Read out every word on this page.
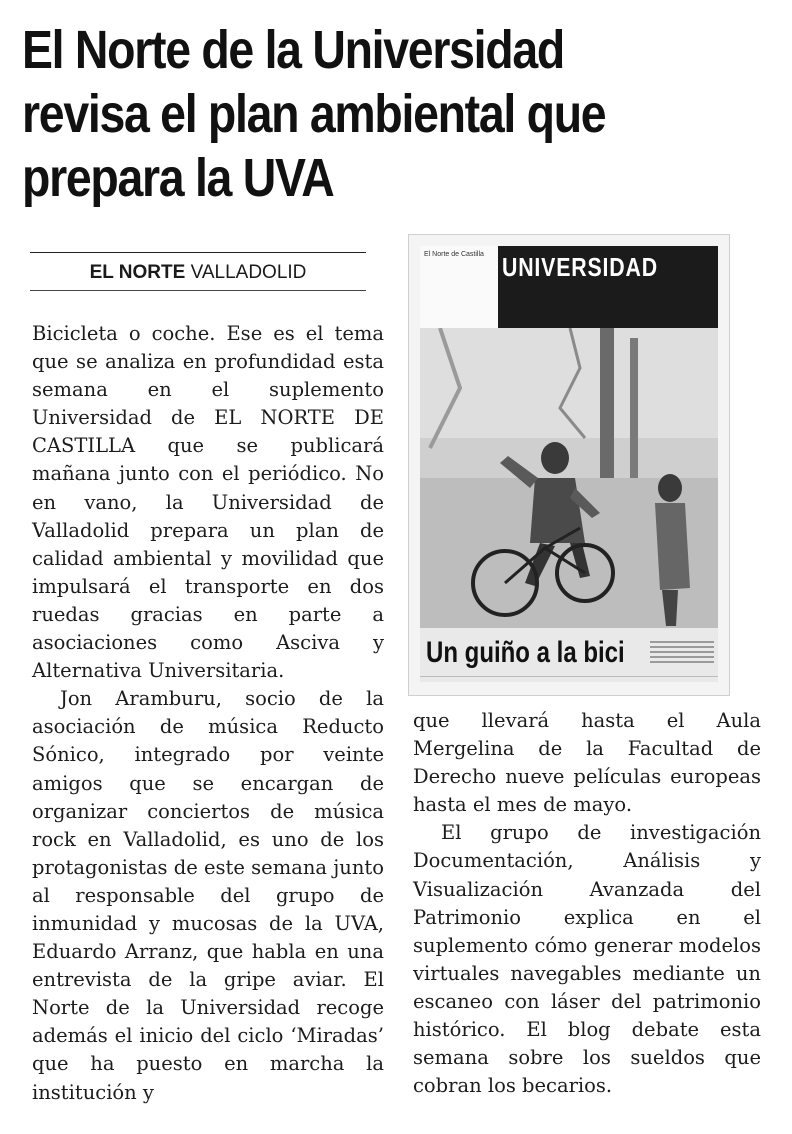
El Norte de la Universidad revisa el plan ambiental que prepara la UVA
EL NORTE VALLADOLID

Bicicleta o coche. Ese es el tema que se analiza en profundidad esta semana en el suplemento Universidad de EL NORTE DE CASTILLA que se publicará mañana junto con el periódico. No en vano, la Universidad de Valladolid prepara un plan de calidad ambiental y movilidad que impulsará el transporte en dos ruedas gracias en parte a asociaciones como Asciva y Alternativa Universitaria.

Jon Aramburu, socio de la asociación de música Reducto Sónico, integrado por veinte amigos que se encargan de organizar conciertos de música rock en Valladolid, es uno de los protagonistas de este semana junto al responsable del grupo de inmunidad y mucosas de la UVA, Eduardo Arranz, que habla en una entrevista de la gripe aviar. El Norte de la Universidad recoge además el inicio del ciclo ‘Miradas’ que ha puesto en marcha la institución y

El Norte de Castilla UNIVERSIDAD
Un guiño a la bici

que llevará hasta el Aula Mergelina de la Facultad de Derecho nueve películas europeas hasta el mes de mayo.

El grupo de investigación Documentación, Análisis y Visualización Avanzada del Patrimonio explica en el suplemento cómo generar modelos virtuales navegables mediante un escaneo con láser del patrimonio histórico. El blog debate esta semana sobre los sueldos que cobran los becarios.
